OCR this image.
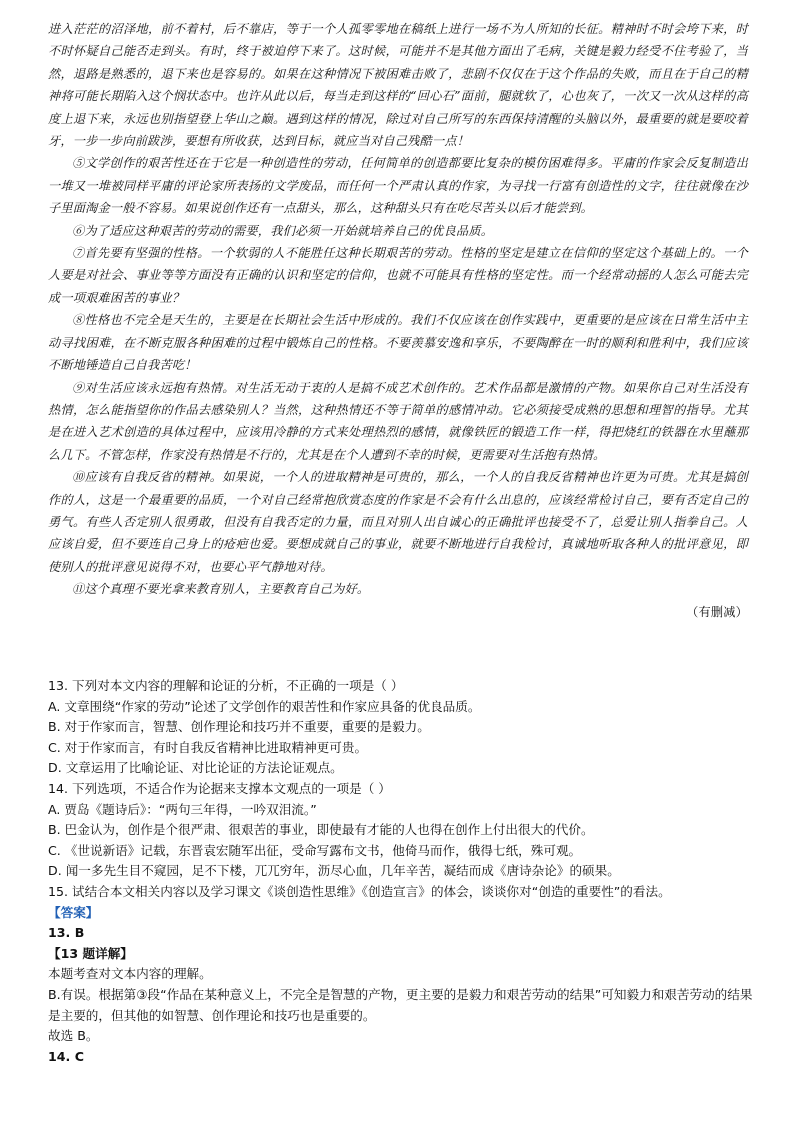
进入茫茫的沼泽地，前不着村，后不靠店，等于一个人孤零零地在稿纸上进行一场不为人所知的长征。精神时不时会垮下来，时不时怀疑自己能否走到头。有时，终于被迫停下来了。这时候，可能并不是其他方面出了毛病，关键是毅力经受不住考验了，当然，退路是熟悉的，退下来也是容易的。如果在这种情况下被困难击败了，悲剧不仅仅在于这个作品的失败，而且在于自己的精神将可能长期陷入这个悯状态中。也许从此以后，每当走到这样的“回心石”面前，腿就软了，心也灰了，一次又一次从这样的高度上退下来，永远也别指望登上华山之巅。遇到这样的情况，除过对自己所写的东西保持清醒的头脑以外，最重要的就是要咬着牙，一步一步向前跋涉，要想有所收获，达到目标，就应当对自己残酷一点！

⑤文学创作的艰苦性还在于它是一种创造性的劳动，任何简单的创造都要比复杂的模仿困难得多。平庸的作家会反复制造出一堆又一堆被同样平庸的评论家所表扬的文学废品，而任何一个严肃认真的作家，为寻找一行富有创造性的文字，往往就像在沙子里面淘金一般不容易。如果说创作还有一点甜头，那么，这种甜头只有在吃尽苦头以后才能尝到。

⑥为了适应这种艰苦的劳动的需要，我们必须一开始就培养自己的优良品质。

⑦首先要有坚强的性格。一个软弱的人不能胜任这种长期艰苦的劳动。性格的坚定是建立在信仰的坚定这个基础上的。一个人要是对社会、事业等等方面没有正确的认识和坚定的信仰，也就不可能具有性格的坚定性。而一个经常动摇的人怎么可能去完成一项艰难困苦的事业？

⑧性格也不完全是天生的，主要是在长期社会生活中形成的。我们不仅应该在创作实践中，更重要的是应该在日常生活中主动寻找困难，在不断克服各种困难的过程中锻炼自己的性格。不要羡慕安逸和享乐，不要陶醉在一时的顺利和胜利中，我们应该不断地锤造自己自我苦吃！

⑨对生活应该永远抱有热情。对生活无动于衷的人是搞不成艺术创作的。艺术作品都是激情的产物。如果你自己对生活没有热情，怎么能指望你的作品去感染别人？当然，这种热情还不等于简单的感情冲动。它必须接受成熟的思想和理智的指导。尤其是在进入艺术创造的具体过程中，应该用冷静的方式来处理热烈的感情，就像铁匠的锻造工作一样，得把烧红的铁器在水里蘸那么几下。不管怎样，作家没有热情是不行的，尤其是在个人遭到不幸的时候，更需要对生活抱有热情。

⑩应该有自我反省的精神。如果说，一个人的进取精神是可贵的，那么，一个人的自我反省精神也许更为可贵。尤其是搞创作的人，这是一个最重要的品质，一个对自己经常抱欣赏态度的作家是不会有什么出息的，应该经常检讨自己，要有否定自己的勇气。有些人否定别人很勇敢，但没有自我否定的力量，而且对别人出自诚心的正确批评也接受不了，总爱让别人指拳自己。人应该自爱，但不要连自己身上的疮疤也爱。要想成就自己的事业，就要不断地进行自我检讨，真诚地听取各种人的批评意见，即使别人的批评意见说得不对，也要心平气静地对待。

⑪这个真理不要光拿来教育别人，主要教育自己为好。

（有删减）

13. 下列对本文内容的理解和论证的分析，不正确的一项是（ ）

A. 文章围绕“作家的劳动”论述了文学创作的艰苦性和作家应具备的优良品质。

B. 对于作家而言，智慧、创作理论和技巧并不重要，重要的是毅力。

C. 对于作家而言，有时自我反省精神比进取精神更可贵。

D. 文章运用了比喻论证、对比论证的方法论证观点。

14. 下列选项，不适合作为论据来支撑本文观点的一项是（ ）

A. 贾岛《题诗后》：“两句三年得，一吟双泪流。”

B. 巴金认为，创作是个很严肃、很艰苦的事业，即使最有才能的人也得在创作上付出很大的代价。

C. 《世说新语》记载，东晋袁宏随军出征，受命写露布文书，他倚马而作，俄得七纸，殊可观。

D. 闻一多先生目不窥园，足不下楼，兀兀穷年，沥尽心血，几年辛苦，凝结而成《唐诗杂论》的硕果。

15. 试结合本文相关内容以及学习课文《谈创造性思维》《创造宣言》的体会，谈谈你对“创造的重要性”的看法。

【答案】

13. B

【13 题详解】

本题考查对文本内容的理解。

B.有误。根据第③段“作品在某种意义上，不完全是智慧的产物，更主要的是毅力和艰苦劳动的结果”可知毅力和艰苦劳动的结果是主要的，但其他的如智慧、创作理论和技巧也是重要的。

故选 B。

14. C
